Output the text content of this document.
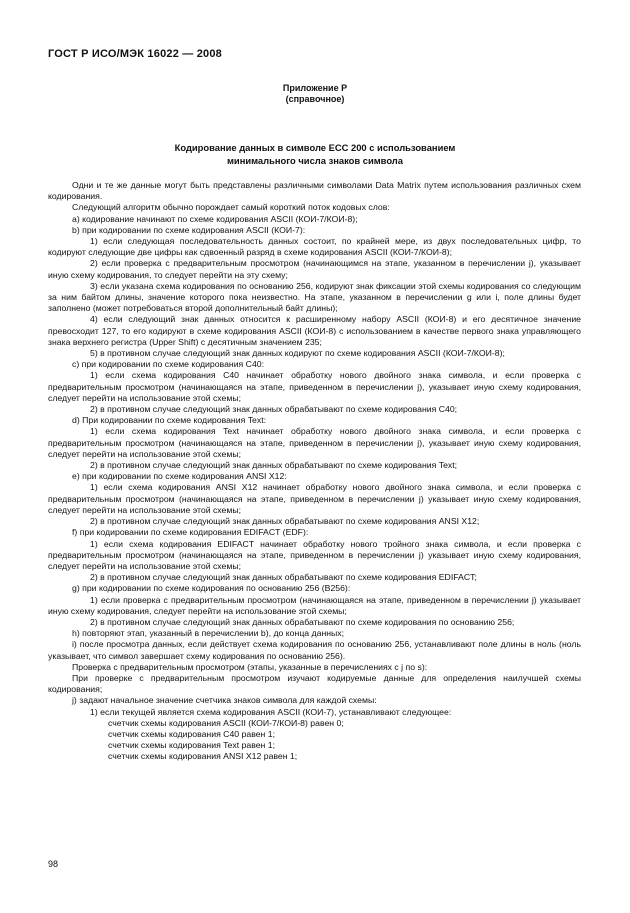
ГОСТ Р ИСО/МЭК 16022 — 2008
Приложение Р
(справочное)
Кодирование данных в символе ECC 200 с использованием
минимального числа знаков символа

Одни и те же данные могут быть представлены различными символами Data Matrix путем использования различных схем кодирования.

Следующий алгоритм обычно порождает самый короткий поток кодовых слов:

a) кодирование начинают по схеме кодирования ASCII (КОИ-7/КОИ-8);

b) при кодировании по схеме кодирования ASCII (КОИ-7):

1) если следующая последовательность данных состоит, по крайней мере, из двух последовательных цифр, то кодируют следующие две цифры как сдвоенный разряд в схеме кодирования ASCII (КОИ-7/КОИ-8);

2) если проверка с предварительным просмотром (начинающимся на этапе, указанном в перечислении j), указывает иную схему кодирования, то следует перейти на эту схему;

3) если указана схема кодирования по основанию 256, кодируют знак фиксации этой схемы кодирования со следующим за ним байтом длины, значение которого пока неизвестно. На этапе, указанном в перечислении g или i, поле длины будет заполнено (может потребоваться второй дополнительный байт длины);

4) если следующий знак данных относится к расширенному набору ASCII (КОИ-8) и его десятичное значение превосходит 127, то его кодируют в схеме кодирования ASCII (КОИ-8) с использованием в качестве первого знака управляющего знака верхнего регистра (Upper Shift) с десятичным значением 235;

5) в противном случае следующий знак данных кодируют по схеме кодирования ASCII (КОИ-7/КОИ-8);

c) при кодировании по схеме кодирования C40:

1) если схема кодирования C40 начинает обработку нового двойного знака символа, и если проверка с предварительным просмотром (начинающаяся на этапе, приведенном в перечислении j), указывает иную схему кодирования, следует перейти на использование этой схемы;

2) в противном случае следующий знак данных обрабатывают по схеме кодирования C40;

d) При кодировании по схеме кодирования Text:

1) если схема кодирования Text начинает обработку нового двойного знака символа, и если проверка с предварительным просмотром (начинающаяся на этапе, приведенном в перечислении j), указывает иную схему кодирования, следует перейти на использование этой схемы;

2) в противном случае следующий знак данных обрабатывают по схеме кодирования Text;

e) при кодировании по схеме кодирования ANSI X12:

1) если схема кодирования ANSI X12 начинает обработку нового двойного знака символа, и если проверка с предварительным просмотром (начинающаяся на этапе, приведенном в перечислении j) указывает иную схему кодирования, следует перейти на использование этой схемы;

2) в противном случае следующий знак данных обрабатывают по схеме кодирования ANSI X12;

f) при кодировании по схеме кодирования EDIFACT (EDF):

1) если схема кодирования EDIFACT начинает обработку нового тройного знака символа, и если проверка с предварительным просмотром (начинающаяся на этапе, приведенном в перечислении j) указывает иную схему кодирования, следует перейти на использование этой схемы;

2) в противном случае следующий знак данных обрабатывают по схеме кодирования EDIFACT;

g) при кодировании по схеме кодирования по основанию 256 (B256):

1) если проверка с предварительным просмотром (начинающаяся на этапе, приведенном в перечислении j) указывает иную схему кодирования, следует перейти на использование этой схемы;

2) в противном случае следующий знак данных обрабатывают по схеме кодирования по основанию 256;

h) повторяют этап, указанный в перечислении b), до конца данных;

i) после просмотра данных, если действует схема кодирования по основанию 256, устанавливают поле длины в ноль (ноль указывает, что символ завершает схему кодирования по основанию 256).

Проверка с предварительным просмотром (этапы, указанные в перечислениях с j по s):

При проверке с предварительным просмотром изучают кодируемые данные для определения наилучшей схемы кодирования;

j) задают начальное значение счетчика знаков символа для каждой схемы:

1) если текущей является схема кодирования ASCII (КОИ-7), устанавливают следующее:

счетчик схемы кодирования ASCII (КОИ-7/КОИ-8) равен 0;

счетчик схемы кодирования C40 равен 1;

счетчик схемы кодирования Text равен 1;

счетчик схемы кодирования ANSI X12 равен 1;

98
